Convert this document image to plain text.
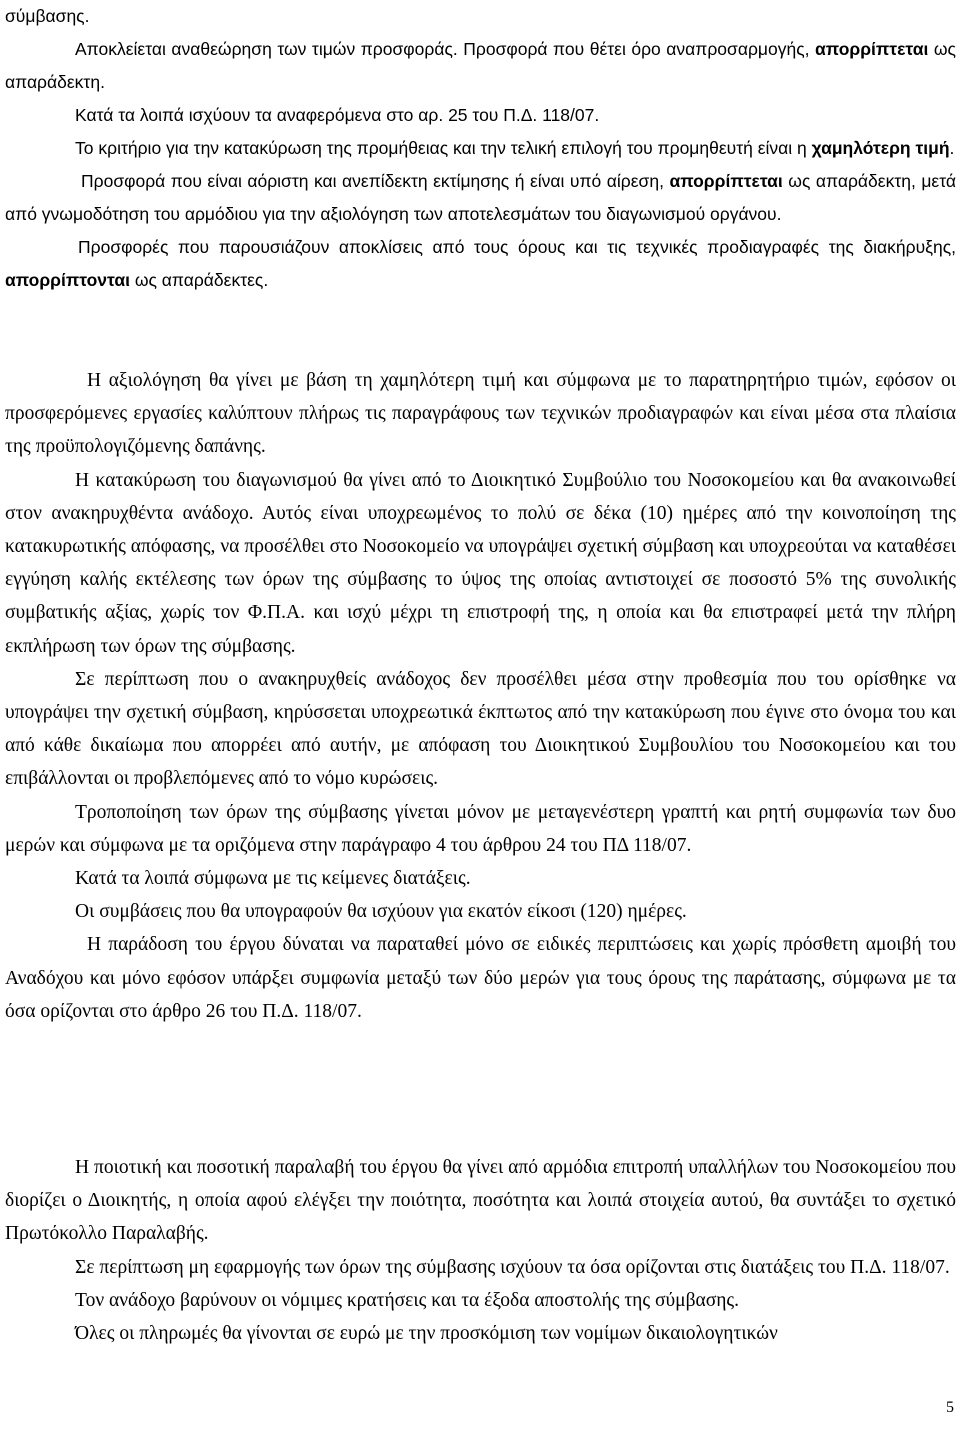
σύμβασης.

Αποκλείεται αναθεώρηση των τιμών προσφοράς. Προσφορά που θέτει όρο αναπροσαρμογής, απορρίπτεται ως απαράδεκτη.

Κατά τα λοιπά ισχύουν τα αναφερόμενα στο αρ. 25 του Π.Δ. 118/07.

Το κριτήριο για την κατακύρωση της προμήθειας και την τελική επιλογή του προμηθευτή είναι η χαμηλότερη τιμή.

Προσφορά που είναι αόριστη και ανεπίδεκτη εκτίμησης ή είναι υπό αίρεση, απορρίπτεται ως απαράδεκτη, μετά από γνωμοδότηση του αρμόδιου για την αξιολόγηση των αποτελεσμάτων του διαγωνισμού οργάνου.

Προσφορές που παρουσιάζουν αποκλίσεις από τους όρους και τις τεχνικές προδιαγραφές της διακήρυξης, απορρίπτονται ως απαράδεκτες.

Η αξιολόγηση θα γίνει με βάση τη χαμηλότερη τιμή και σύμφωνα με το παρατηρητήριο τιμών, εφόσον οι προσφερόμενες εργασίες καλύπτουν πλήρως τις παραγράφους των τεχνικών προδιαγραφών και είναι μέσα στα πλαίσια της προϋπολογιζόμενης δαπάνης.

Η κατακύρωση του διαγωνισμού θα γίνει από το Διοικητικό Συμβούλιο του Νοσοκομείου και θα ανακοινωθεί στον ανακηρυχθέντα ανάδοχο. Αυτός είναι υποχρεωμένος το πολύ σε δέκα (10) ημέρες από την κοινοποίηση της κατακυρωτικής απόφασης, να προσέλθει στο Νοσοκομείο να υπογράψει σχετική σύμβαση και υποχρεούται να καταθέσει εγγύηση καλής εκτέλεσης των όρων της σύμβασης το ύψος της οποίας αντιστοιχεί σε ποσοστό 5% της συνολικής συμβατικής αξίας, χωρίς τον Φ.Π.Α. και ισχύ μέχρι τη επιστροφή της, η οποία και θα επιστραφεί μετά την πλήρη εκπλήρωση των όρων της σύμβασης.

Σε περίπτωση που ο ανακηρυχθείς ανάδοχος δεν προσέλθει μέσα στην προθεσμία που του ορίσθηκε να υπογράψει την σχετική σύμβαση, κηρύσσεται υποχρεωτικά έκπτωτος από την κατακύρωση που έγινε στο όνομα του και από κάθε δικαίωμα που απορρέει από αυτήν, με απόφαση του Διοικητικού Συμβουλίου του Νοσοκομείου και του επιβάλλονται οι προβλεπόμενες από το νόμο κυρώσεις.

Τροποποίηση των όρων της σύμβασης γίνεται μόνον με μεταγενέστερη γραπτή και ρητή συμφωνία των δυο μερών και σύμφωνα με τα οριζόμενα στην παράγραφο 4 του άρθρου 24 του ΠΔ 118/07.

Κατά τα λοιπά σύμφωνα με τις κείμενες διατάξεις.

Οι συμβάσεις που θα υπογραφούν θα ισχύουν για εκατόν είκοσι (120) ημέρες.

Η παράδοση του έργου δύναται να παραταθεί μόνο σε ειδικές περιπτώσεις και χωρίς πρόσθετη αμοιβή του Αναδόχου και μόνο εφόσον υπάρξει συμφωνία μεταξύ των δύο μερών για τους όρους της παράτασης, σύμφωνα με τα όσα ορίζονται στο άρθρο 26 του Π.Δ. 118/07.

Η ποιοτική και ποσοτική παραλαβή του έργου θα γίνει από αρμόδια επιτροπή υπαλλήλων του Νοσοκομείου που διορίζει ο Διοικητής, η οποία αφού ελέγξει την ποιότητα, ποσότητα και λοιπά στοιχεία αυτού, θα συντάξει το σχετικό Πρωτόκολλο Παραλαβής.

Σε περίπτωση μη εφαρμογής των όρων της σύμβασης ισχύουν τα όσα ορίζονται στις διατάξεις του Π.Δ. 118/07.

Τον ανάδοχο βαρύνουν οι νόμιμες κρατήσεις και τα έξοδα αποστολής της σύμβασης.

Όλες οι πληρωμές θα γίνονται σε ευρώ με την προσκόμιση των νομίμων δικαιολογητικών

5
